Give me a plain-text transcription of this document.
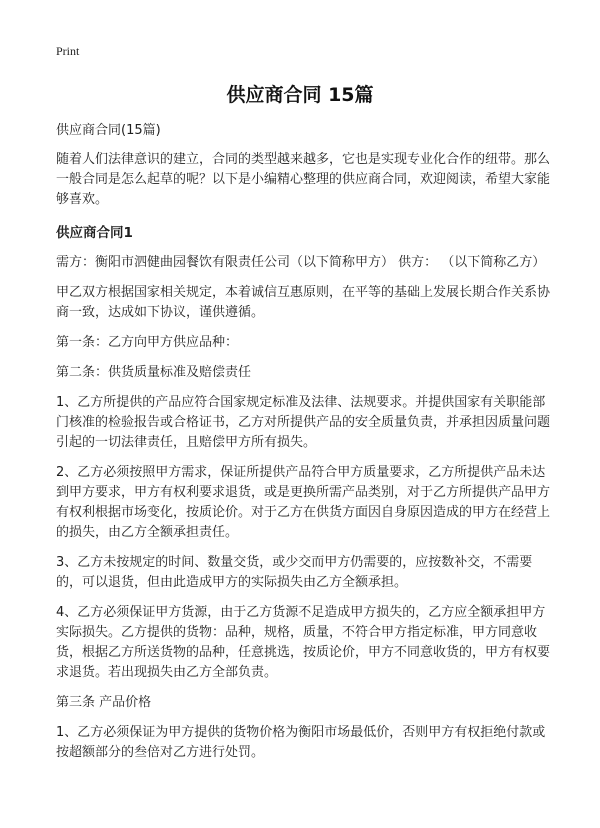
Print
供应商合同 15篇

供应商合同(15篇)

随着人们法律意识的建立，合同的类型越来越多，它也是实现专业化合作的纽带。那么一般合同是怎么起草的呢？以下是小编精心整理的供应商合同，欢迎阅读，希望大家能够喜欢。

供应商合同1

需方：衡阳市泗健曲园餐饮有限责任公司（以下简称甲方） 供方： （以下简称乙方）

甲乙双方根据国家相关规定，本着诚信互惠原则，在平等的基础上发展长期合作关系协商一致，达成如下协议，谨供遵循。

第一条：乙方向甲方供应品种：

第二条：供货质量标准及赔偿责任

1、乙方所提供的产品应符合国家规定标准及法律、法规要求。并提供国家有关职能部门核准的检验报告或合格证书，乙方对所提供产品的安全质量负责，并承担因质量问题引起的一切法律责任，且赔偿甲方所有损失。

2、乙方必须按照甲方需求，保证所提供产品符合甲方质量要求，乙方所提供产品未达到甲方要求，甲方有权利要求退货，或是更换所需产品类别，对于乙方所提供产品甲方有权利根据市场变化，按质论价。对于乙方在供货方面因自身原因造成的甲方在经营上的损失，由乙方全额承担责任。

3、乙方未按规定的时间、数量交货，或少交而甲方仍需要的，应按数补交，不需要的，可以退货，但由此造成甲方的实际损失由乙方全额承担。

4、乙方必须保证甲方货源，由于乙方货源不足造成甲方损失的，乙方应全额承担甲方实际损失。乙方提供的货物：品种，规格，质量，不符合甲方指定标准，甲方同意收货，根据乙方所送货物的品种，任意挑选，按质论价，甲方不同意收货的，甲方有权要求退货。若出现损失由乙方全部负责。

第三条 产品价格

1、乙方必须保证为甲方提供的货物价格为衡阳市场最低价，否则甲方有权拒绝付款或按超额部分的叁倍对乙方进行处罚。
